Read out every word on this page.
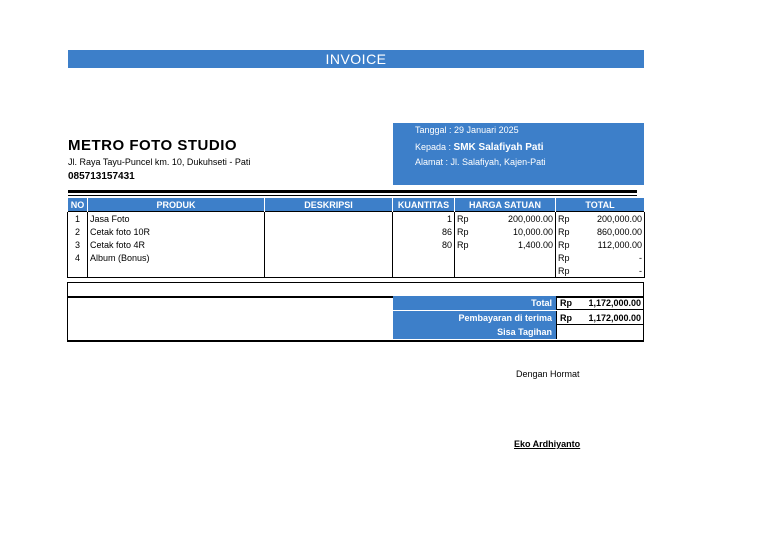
INVOICE
METRO FOTO STUDIO
Jl. Raya Tayu-Puncel km. 10, Dukuhseti - Pati
085713157431
Tanggal : 29 Januari 2025
Kepada : SMK Salafiyah Pati
Alamat : Jl. Salafiyah, Kajen-Pati
NO	PRODUK	DESKRIPSI	KUANTITAS	HARGA SATUAN	TOTAL
1	Jasa Foto		1	Rp 200,000.00	Rp 200,000.00

2	Cetak foto 10R		86	Rp 10,000.00	Rp 860,000.00

3	Cetak foto 4R		80	Rp 1,400.00	Rp 112,000.00

4	Album (Bonus)				Rp -

					Rp -
Total Rp	1,172,000.00
Pembayaran di terima Rp	1,172,000.00
Sisa Tagihan
Dengan Hormat
Eko Ardhiyanto
